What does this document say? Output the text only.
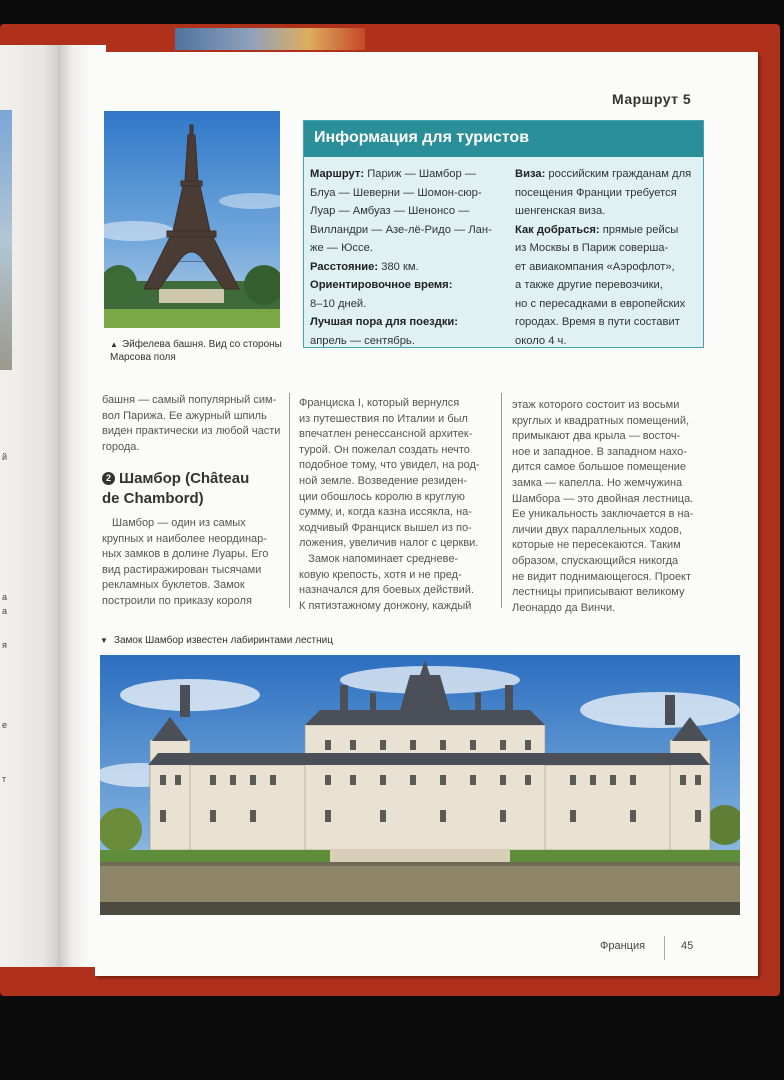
й
а
а
я
е
т
Маршрут 5
▲ Эйфелева башня. Вид со стороны Марсова поля
Информация для туристов
Маршрут: Париж — Шамбор —
Блуа — Шеверни — Шомон-сюр-
Луар — Амбуаз — Шенонсо —
Вилландри — Азе-лё-Ридо — Лан-
же — Юссе.
Расстояние: 380 км.
Ориентировочное время:
8–10 дней.
Лучшая пора для поездки:
апрель — сентябрь.
Виза: российским гражданам для
посещения Франции требуется
шенгенская виза.
Как добраться: прямые рейсы
из Москвы в Париж соверша-
ет авиакомпания «Аэрофлот»,
а также другие перевозчики,
но с пересадками в европейских
городах. Время в пути составит
около 4 ч.
башня — самый популярный сим-
вол Парижа. Ее ажурный шпиль
виден практически из любой части
города.
2 Шамбор (Château
de Chambord)
Шамбор — один из самых
крупных и наиболее неординар-
ных замков в долине Луары. Его
вид растиражирован тысячами
рекламных буклетов. Замок
построили по приказу короля
Франциска I, который вернулся
из путешествия по Италии и был
впечатлен ренессансной архитек-
турой. Он пожелал создать нечто
подобное тому, что увидел, на род-
ной земле. Возведение резиден-
ции обошлось королю в круглую
сумму, и, когда казна иссякла, на-
ходчивый Франциск вышел из по-
ложения, увеличив налог с церкви.
Замок напоминает средневе-
ковую крепость, хотя и не пред-
назначался для боевых действий.
К пятиэтажному донжону, каждый
этаж которого состоит из восьми
круглых и квадратных помещений,
примыкают два крыла — восточ-
ное и западное. В западном нахо-
дится самое большое помещение
замка — капелла. Но жемчужина
Шамбора — это двойная лестница.
Ее уникальность заключается в на-
личии двух параллельных ходов,
которые не пересекаются. Таким
образом, спускающийся никогда
не видит поднимающегося. Проект
лестницы приписывают великому
Леонардо да Винчи.
▼ Замок Шамбор известен лабиринтами лестниц
Франция	45
